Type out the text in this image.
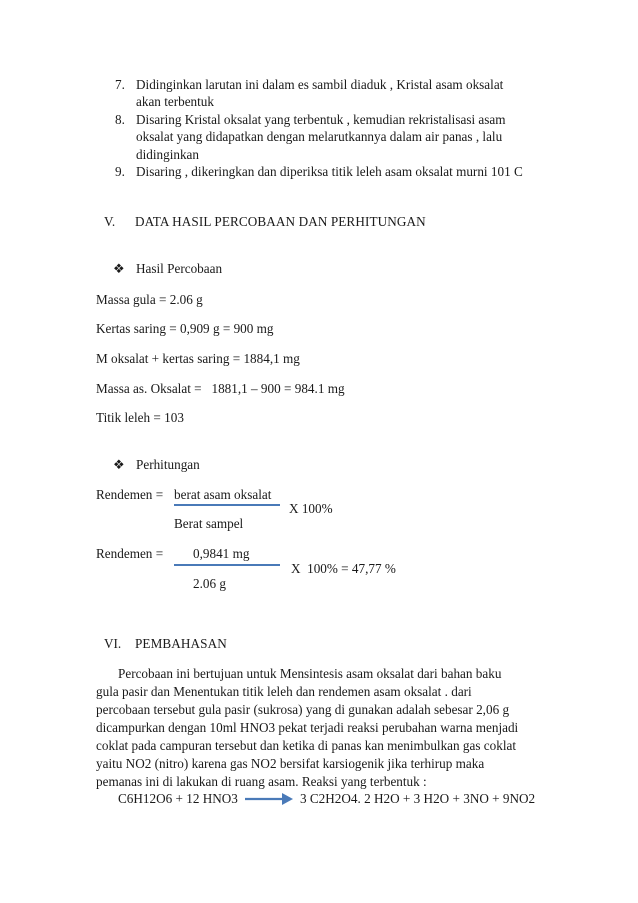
7. Didinginkan larutan ini dalam es sambil diaduk , Kristal asam oksalat
akan terbentuk
8. Disaring Kristal oksalat yang terbentuk , kemudian rekristalisasi asam
oksalat yang didapatkan dengan melarutkannya dalam air panas , lalu
didinginkan
9. Disaring , dikeringkan dan diperiksa titik leleh asam oksalat murni 101 C
V. DATA HASIL PERCOBAAN DAN PERHITUNGAN
❖ Hasil Percobaan
Massa gula = 2.06 g
Kertas saring = 0,909 g = 900 mg
M oksalat + kertas saring = 1884,1 mg
Massa as. Oksalat =   1881,1 – 900 = 984.1 mg
Titik leleh = 103
❖ Perhitungan
Rendemen = berat asam oksalat
X 100%
Berat sampel
Rendemen = 0,9841 mg
X  100% = 47,77 %
2.06 g
VI. PEMBAHASAN
Percobaan ini bertujuan untuk Mensintesis asam oksalat dari bahan baku
gula pasir dan Menentukan titik leleh dan rendemen asam oksalat . dari
percobaan tersebut gula pasir (sukrosa) yang di gunakan adalah sebesar 2,06 g
dicampurkan dengan 10ml HNO3 pekat terjadi reaksi perubahan warna menjadi
coklat pada campuran tersebut dan ketika di panas kan menimbulkan gas coklat
yaitu NO2 (nitro) karena gas NO2 bersifat karsiogenik jika terhirup maka
pemanas ini di lakukan di ruang asam. Reaksi yang terbentuk :
C6H12O6 + 12 HNO3 → 3 C2H2O4. 2 H2O + 3 H2O + 3NO + 9NO2
